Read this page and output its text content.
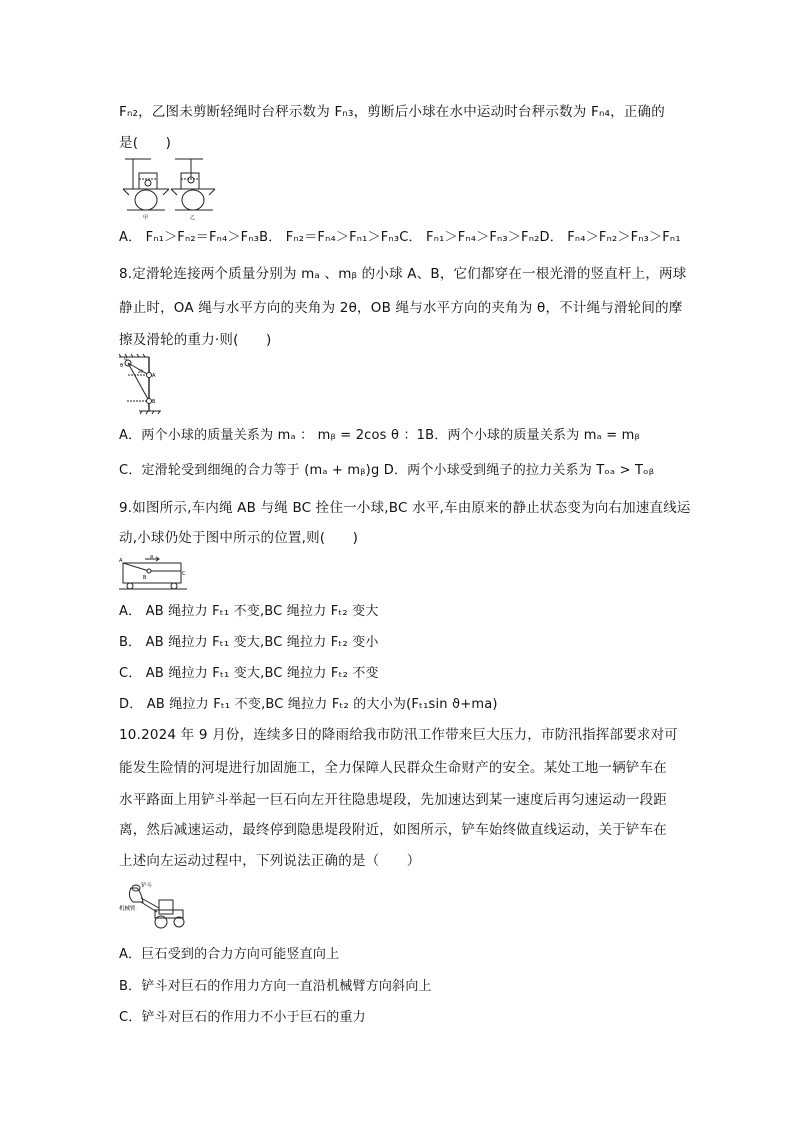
Fₙ₂，乙图未剪断轻绳时台秤示数为 Fₙ₃，剪断后小球在水中运动时台秤示数为 Fₙ₄，正确的
是(　　)
甲	乙
A． Fₙ₁＞Fₙ₂＝Fₙ₄＞Fₙ₃B． Fₙ₂＝Fₙ₄＞Fₙ₁＞Fₙ₃C． Fₙ₁＞Fₙ₄＞Fₙ₃＞Fₙ₂D． Fₙ₄＞Fₙ₂＞Fₙ₃＞Fₙ₁
8.定滑轮连接两个质量分别为 mₐ 、mᵦ 的小球 A、B，它们都穿在一根光滑的竖直杆上，两球
静止时，OA 绳与水平方向的夹角为 2θ，OB 绳与水平方向的夹角为 θ，不计绳与滑轮间的摩
擦及滑轮的重力·则(　　)
θ
O
2θ
A
B
A．两个小球的质量关系为 mₐ ： mᵦ = 2cos θ ：1B．两个小球的质量关系为 mₐ = mᵦ
C．定滑轮受到细绳的合力等于 (mₐ + mᵦ)g D．两个小球受到绳子的拉力关系为 Tₒₐ > Tₒᵦ
9.如图所示,车内绳 AB 与绳 BC 拴住一小球,BC 水平,车由原来的静止状态变为向右加速直线运
动,小球仍处于图中所示的位置,则(　　)
A
B
C
a
A． AB 绳拉力 Fₜ₁ 不变,BC 绳拉力 Fₜ₂ 变大
B． AB 绳拉力 Fₜ₁ 变大,BC 绳拉力 Fₜ₂ 变小
C． AB 绳拉力 Fₜ₁ 变大,BC 绳拉力 Fₜ₂ 不变
D． AB 绳拉力 Fₜ₁ 不变,BC 绳拉力 Fₜ₂ 的大小为(Fₜ₁sin ϑ+ma)
10.2024 年 9 月份，连续多日的降雨给我市防汛工作带来巨大压力，市防汛指挥部要求对可
能发生险情的河堤进行加固施工，全力保障人民群众生命财产的安全。某处工地一辆铲车在
水平路面上用铲斗举起一巨石向左开往隐患堤段，先加速达到某一速度后再匀速运动一段距
离，然后减速运动，最终停到隐患堤段附近，如图所示，铲车始终做直线运动，关于铲车在
上述向左运动过程中，下列说法正确的是（　　）
铲斗
机械臂
A．巨石受到的合力方向可能竖直向上
B．铲斗对巨石的作用力方向一直沿机械臂方向斜向上
C．铲斗对巨石的作用力不小于巨石的重力
